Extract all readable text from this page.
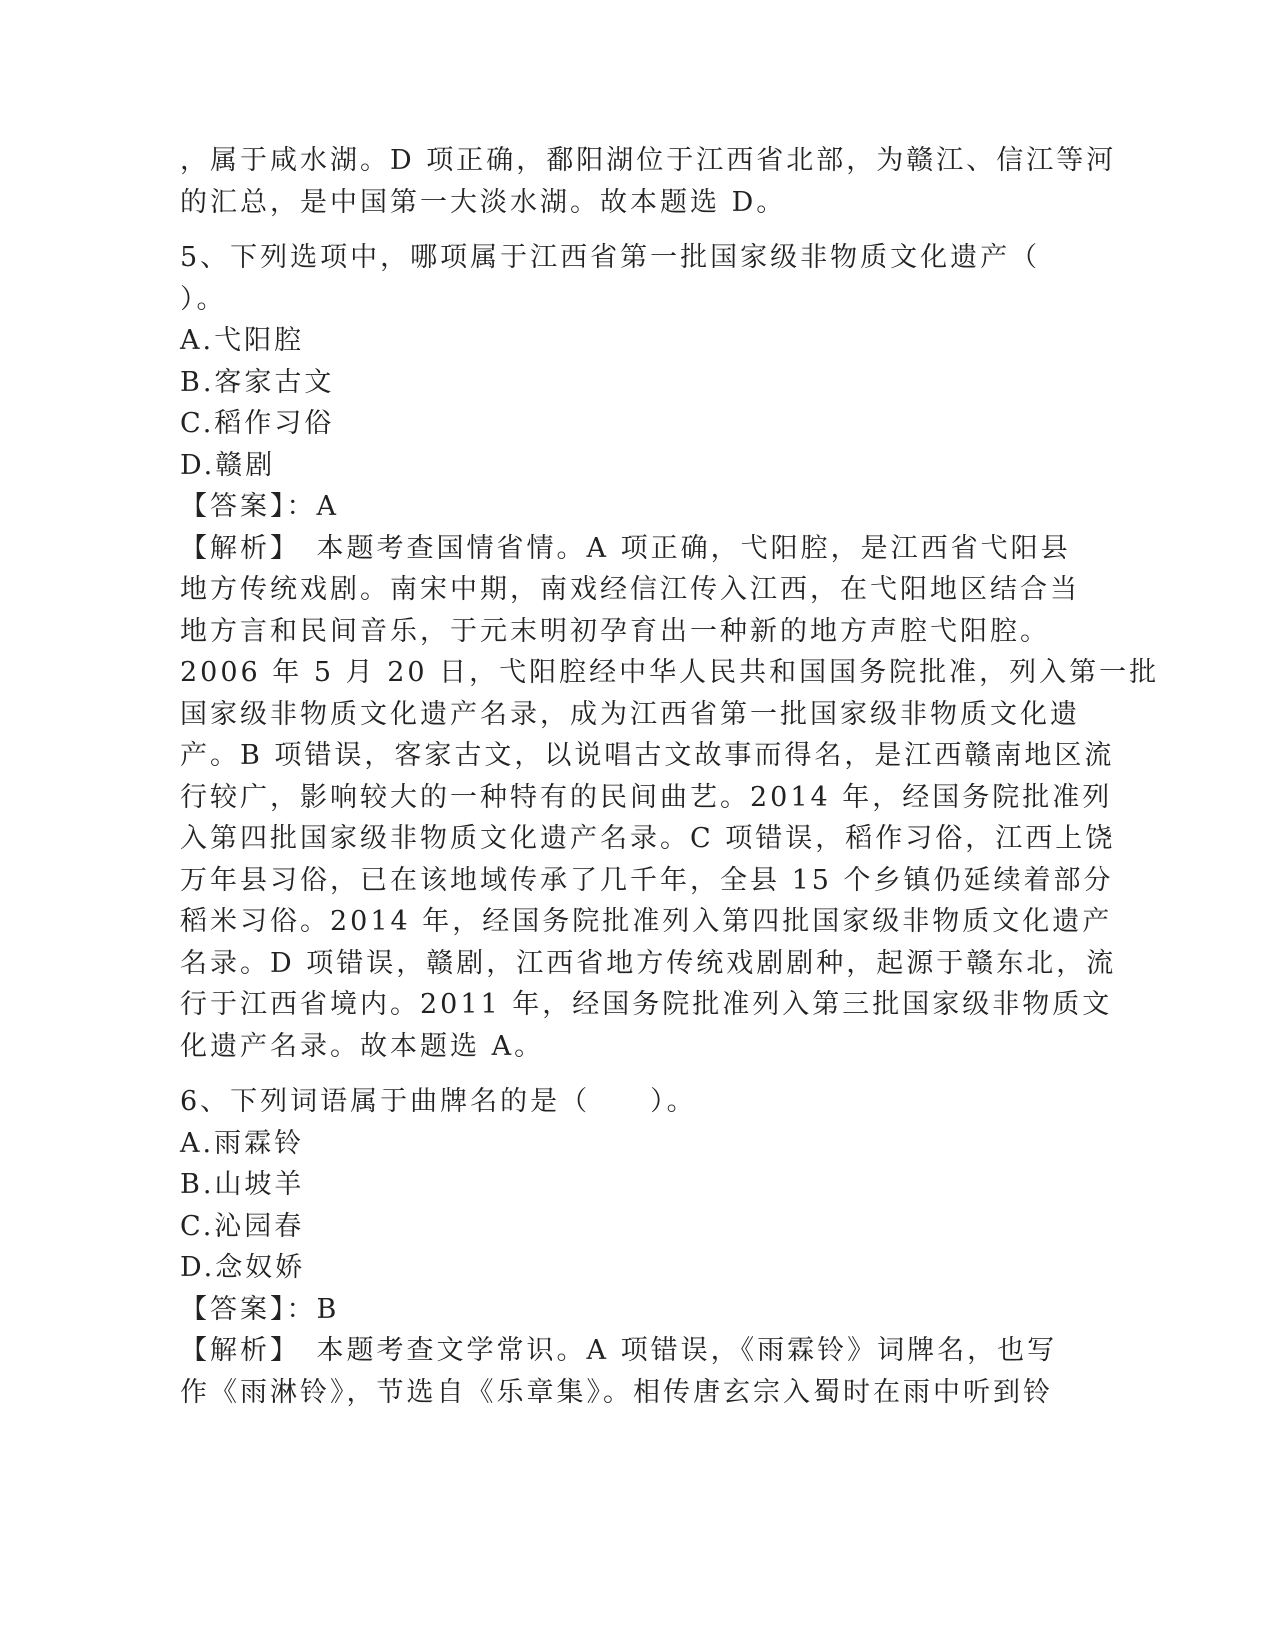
，属于咸水湖。D 项正确，鄱阳湖位于江西省北部，为赣江、信江等河
的汇总，是中国第一大淡水湖。故本题选 D。
5、下列选项中，哪项属于江西省第一批国家级非物质文化遗产（
）。
A.弋阳腔
B.客家古文
C.稻作习俗
D.赣剧
【答案】：A
【解析】　本题考查国情省情。A 项正确，弋阳腔，是江西省弋阳县
地方传统戏剧。南宋中期，南戏经信江传入江西，在弋阳地区结合当
地方言和民间音乐，于元末明初孕育出一种新的地方声腔弋阳腔。
2006 年 5 月 20 日，弋阳腔经中华人民共和国国务院批准，列入第一批
国家级非物质文化遗产名录，成为江西省第一批国家级非物质文化遗
产。B 项错误，客家古文，以说唱古文故事而得名，是江西赣南地区流
行较广，影响较大的一种特有的民间曲艺。2014 年，经国务院批准列
入第四批国家级非物质文化遗产名录。C 项错误，稻作习俗，江西上饶
万年县习俗，已在该地域传承了几千年，全县 15 个乡镇仍延续着部分
稻米习俗。2014 年，经国务院批准列入第四批国家级非物质文化遗产
名录。D 项错误，赣剧，江西省地方传统戏剧剧种，起源于赣东北，流
行于江西省境内。2011 年，经国务院批准列入第三批国家级非物质文
化遗产名录。故本题选 A。
6、下列词语属于曲牌名的是（　　）。
A.雨霖铃
B.山坡羊
C.沁园春
D.念奴娇
【答案】：B
【解析】　本题考查文学常识。A 项错误，《雨霖铃》词牌名，也写
作《雨淋铃》，节选自《乐章集》。相传唐玄宗入蜀时在雨中听到铃
